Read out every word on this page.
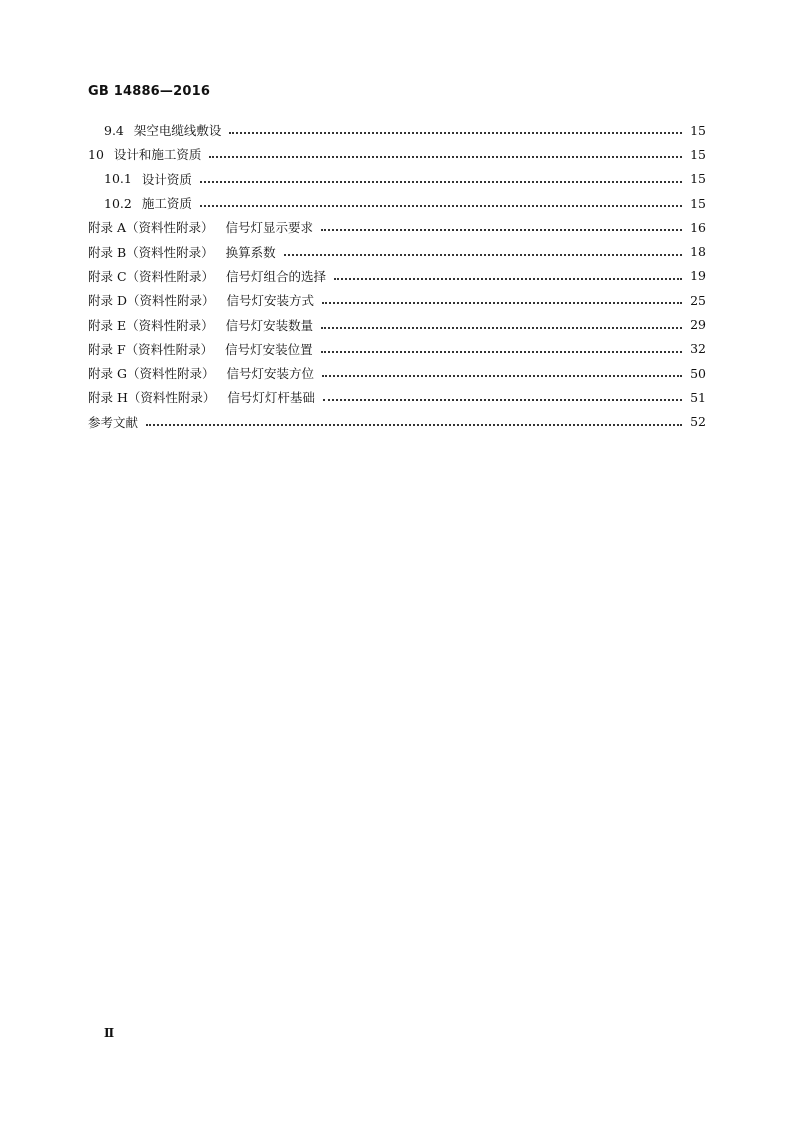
GB 14886—2016
9.4 架空电缆线敷设	15
10 设计和施工资质	15
10.1 设计资质	15
10.2 施工资质	15
附录 A（资料性附录） 信号灯显示要求	16
附录 B（资料性附录） 换算系数	18
附录 C（资料性附录） 信号灯组合的选择	19
附录 D（资料性附录） 信号灯安装方式	25
附录 E（资料性附录） 信号灯安装数量	29
附录 F（资料性附录） 信号灯安装位置	32
附录 G（资料性附录） 信号灯安装方位	50
附录 H（资料性附录） 信号灯灯杆基础	51
参考文献	52
Ⅱ
